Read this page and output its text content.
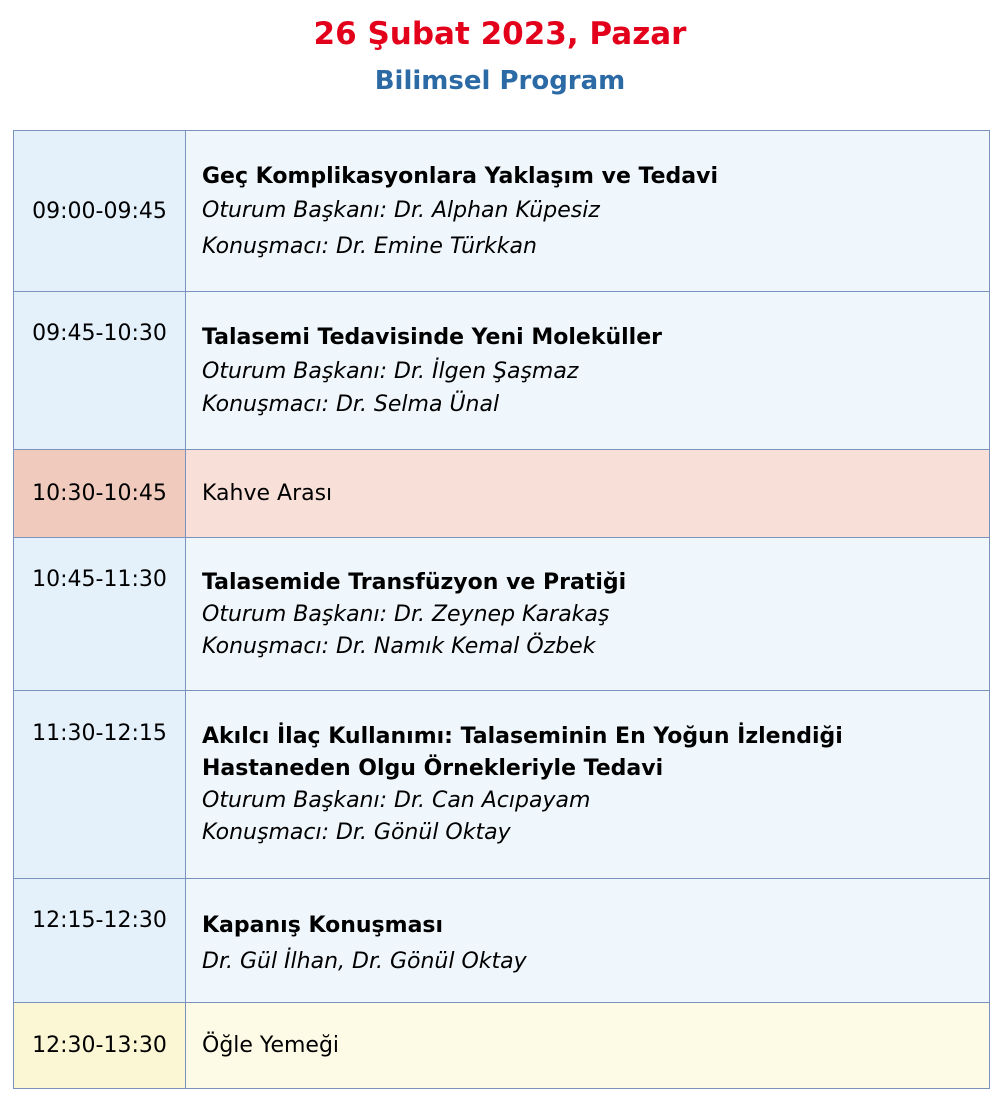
26 Şubat 2023, Pazar
Bilimsel Program
09:00-09:45
Geç Komplikasyonlara Yaklaşım ve Tedavi
Oturum Başkanı: Dr. Alphan Küpesiz
Konuşmacı: Dr. Emine Türkkan
09:45-10:30 Talasemi Tedavisinde Yeni Moleküller
Oturum Başkanı: Dr. İlgen Şaşmaz
Konuşmacı: Dr. Selma Ünal
10:30-10:45 Kahve Arası
10:45-11:30 Talasemide Transfüzyon ve Pratiği
Oturum Başkanı: Dr. Zeynep Karakaş
Konuşmacı: Dr. Namık Kemal Özbek
11:30-12:15 Akılcı İlaç Kullanımı: Talaseminin En Yoğun İzlendiği
Hastaneden Olgu Örnekleriyle Tedavi
Oturum Başkanı: Dr. Can Acıpayam
Konuşmacı: Dr. Gönül Oktay
12:15-12:30 Kapanış Konuşması
Dr. Gül İlhan, Dr. Gönül Oktay
12:30-13:30 Öğle Yemeği
